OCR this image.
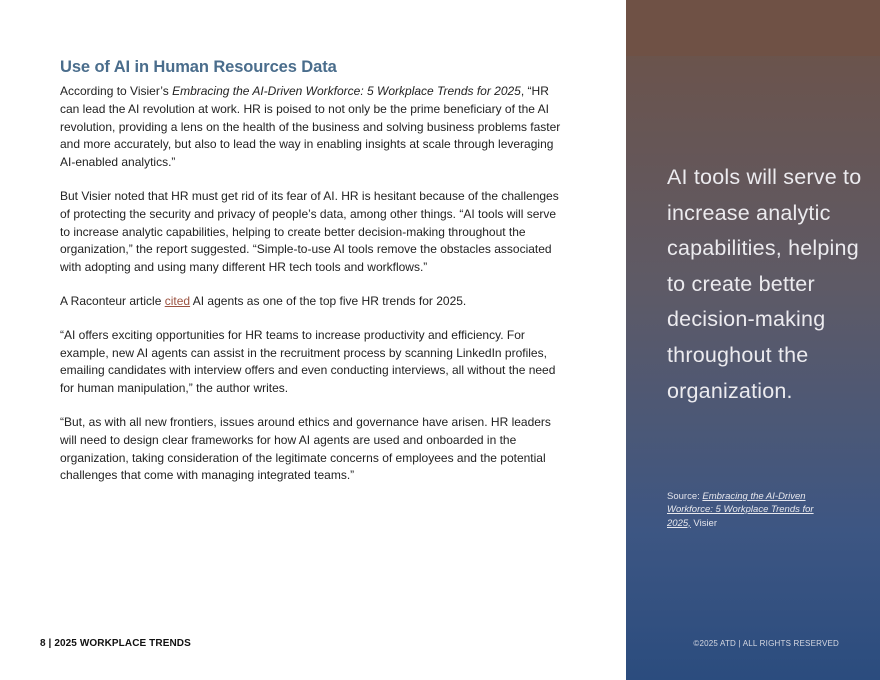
Use of AI in Human Resources Data

According to Visier’s Embracing the AI-Driven Workforce: 5 Workplace Trends for 2025, “HR can lead the AI revolution at work. HR is poised to not only be the prime beneficiary of the AI revolution, providing a lens on the health of the business and solving business problems faster and more accurately, but also to lead the way in enabling insights at scale through leveraging AI-enabled analytics.”

But Visier noted that HR must get rid of its fear of AI. HR is hesitant because of the challenges of protecting the security and privacy of people’s data, among other things. “AI tools will serve to increase analytic capabilities, helping to create better decision-making throughout the organization,” the report suggested. “Simple-to-use AI tools remove the obstacles associated with adopting and using many different HR tech tools and workflows.”

A Raconteur article cited AI agents as one of the top five HR trends for 2025.

“AI offers exciting opportunities for HR teams to increase productivity and efficiency. For example, new AI agents can assist in the recruitment process by scanning LinkedIn profiles, emailing candidates with interview offers and even conducting interviews, all without the need for human manipulation,” the author writes.

“But, as with all new frontiers, issues around ethics and governance have arisen. HR leaders will need to design clear frameworks for how AI agents are used and onboarded in the organization, taking consideration of the legitimate concerns of employees and the potential challenges that come with managing integrated teams.”

8 | 2025 WORKPLACE TRENDS
AI tools will serve to increase analytic capabilities, helping to create better decision-making throughout the organization.
Source: Embracing the AI-Driven Workforce: 5 Workplace Trends for 2025, Visier
©2025 ATD | ALL RIGHTS RESERVED
